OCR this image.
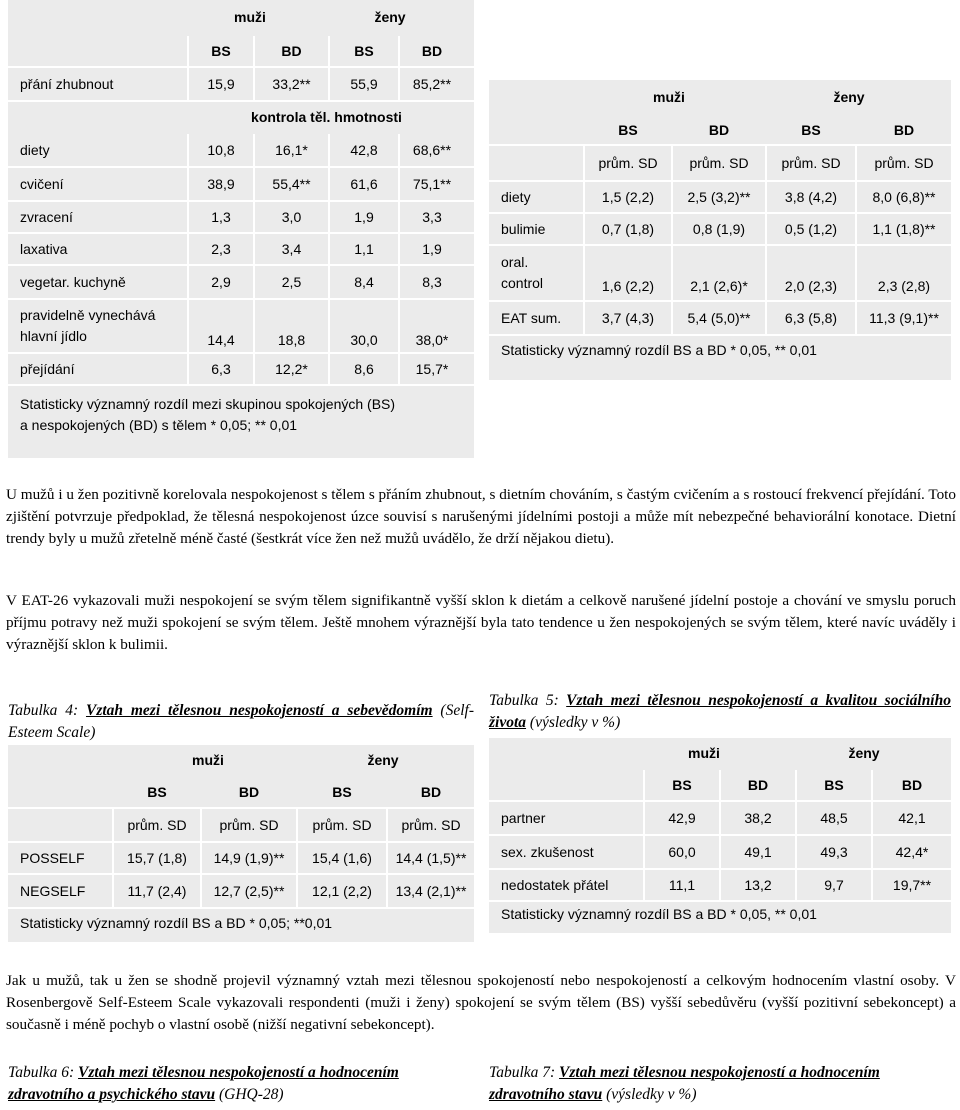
muži	ženy
BS	BD	BS	BD
přání zhubnout	15,9	33,2**	55,9	85,2**
kontrola těl. hmotnosti
diety	10,8	16,1*	42,8	68,6**
cvičení	38,9	55,4**	61,6	75,1**
zvracení	1,3	3,0	1,9	3,3
laxativa	2,3	3,4	1,1	1,9
vegetar. kuchyně	2,9	2,5	8,4	8,3
pravidelně vynechává
hlavní jídlo	14,4	18,8	30,0	38,0*
přejídání	6,3	12,2*	8,6	15,7*
Statisticky významný rozdíl mezi skupinou spokojených (BS)
a nespokojených (BD) s tělem * 0,05; ** 0,01
muži	ženy
BS	BD	BS	BD
prům. SD	prům. SD	prům. SD	prům. SD
diety	1,5 (2,2)	2,5 (3,2)**	3,8 (4,2)	8,0 (6,8)**
bulimie	0,7 (1,8)	0,8 (1,9)	0,5 (1,2)	1,1 (1,8)**
oral.
control	1,6 (2,2)	2,1 (2,6)*	2,0 (2,3)	2,3 (2,8)
EAT sum.	3,7 (4,3)	5,4 (5,0)**	6,3 (5,8)	11,3 (9,1)**
Statisticky významný rozdíl BS a BD * 0,05, ** 0,01
U mužů i u žen pozitivně korelovala nespokojenost s tělem s přáním zhubnout, s dietním chováním, s častým cvičením a s rostoucí frekvencí přejídání. Toto zjištění potvrzuje předpoklad, že tělesná nespokojenost úzce souvisí s narušenými jídelními postoji a může mít nebezpečné behaviorální konotace. Dietní trendy byly u mužů zřetelně méně časté (šestkrát více žen než mužů uvádělo, že drží nějakou dietu).
V EAT-26 vykazovali muži nespokojení se svým tělem signifikantně vyšší sklon k dietám a celkově narušené jídelní postoje a chování ve smyslu poruch příjmu potravy než muži spokojení se svým tělem. Ještě mnohem výraznější byla tato tendence u žen nespokojených se svým tělem, které navíc uváděly i výraznější sklon k bulimii.
Tabulka 4: Vztah mezi tělesnou nespokojeností a sebevědomím (Self-Esteem Scale)
muži	ženy
BS	BD	BS	BD
prům. SD	prům. SD	prům. SD	prům. SD
POSSELF	15,7 (1,8)	14,9 (1,9)**	15,4 (1,6)	14,4 (1,5)**
NEGSELF	11,7 (2,4)	12,7 (2,5)**	12,1 (2,2)	13,4 (2,1)**
Statisticky významný rozdíl BS a BD * 0,05; **0,01
Tabulka 5: Vztah mezi tělesnou nespokojeností a kvalitou sociálního života (výsledky v %)
muži	ženy
BS	BD	BS	BD
partner	42,9	38,2	48,5	42,1
sex. zkušenost	60,0	49,1	49,3	42,4*
nedostatek přátel	11,1	13,2	9,7	19,7**
Statisticky významný rozdíl BS a BD * 0,05, ** 0,01
Jak u mužů, tak u žen se shodně projevil významný vztah mezi tělesnou spokojeností nebo nespokojeností a celkovým hodnocením vlastní osoby. V Rosenbergově Self-Esteem Scale vykazovali respondenti (muži i ženy) spokojení se svým tělem (BS) vyšší sebedůvěru (vyšší pozitivní sebekoncept) a současně i méně pochyb o vlastní osobě (nižší negativní sebekoncept).
Tabulka 6: Vztah mezi tělesnou nespokojeností a hodnocením zdravotního a psychického stavu (GHQ-28)
Tabulka 7: Vztah mezi tělesnou nespokojeností a hodnocením zdravotního stavu (výsledky v %)
